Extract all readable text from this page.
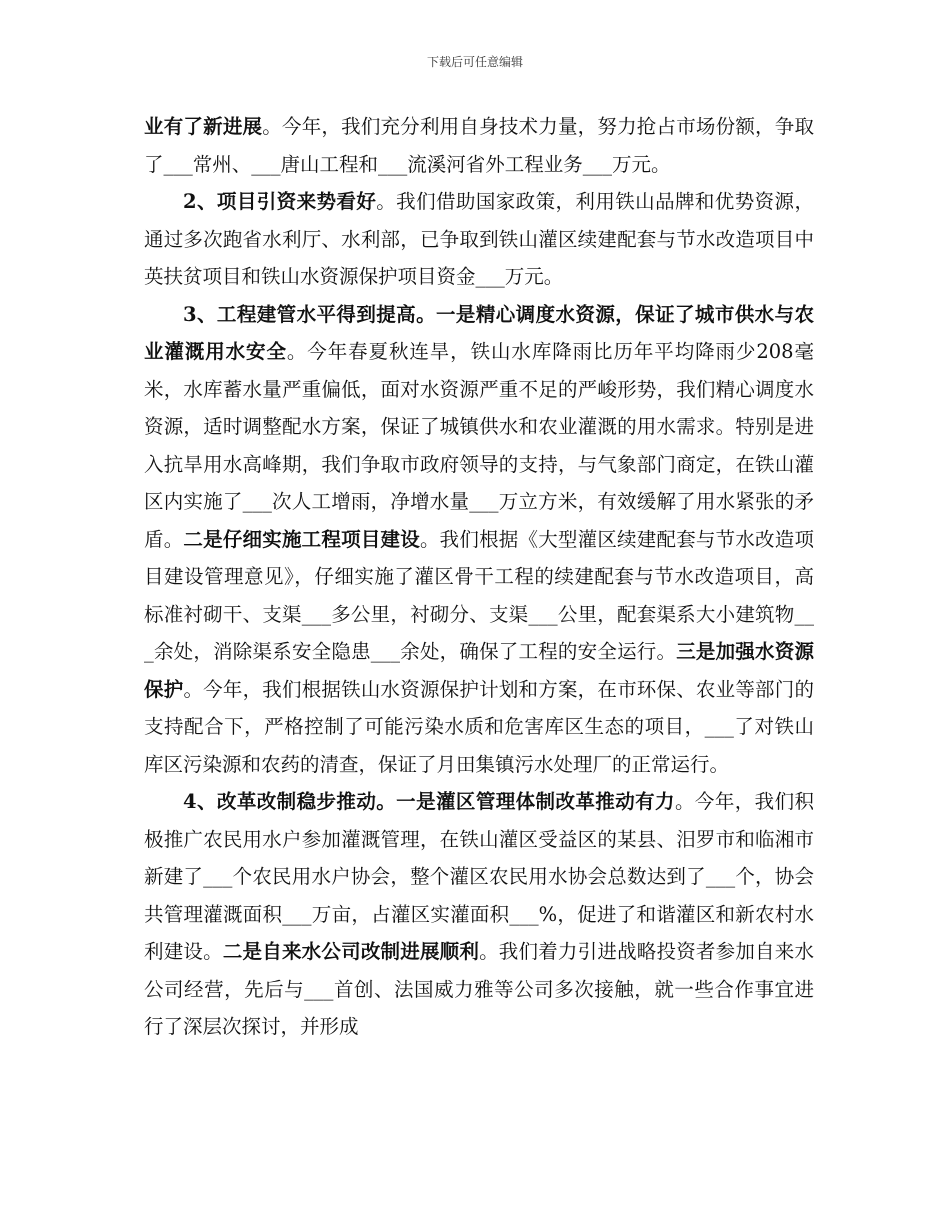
下载后可任意编辑

业有了新进展。今年，我们充分利用自身技术力量，努力抢占市场份额，争取了___常州、___唐山工程和___流溪河省外工程业务___万元。

2、项目引资来势看好。我们借助国家政策，利用铁山品牌和优势资源，通过多次跑省水利厅、水利部，已争取到铁山灌区续建配套与节水改造项目中英扶贫项目和铁山水资源保护项目资金___万元。

3、工程建管水平得到提高。一是精心调度水资源，保证了城市供水与农业灌溉用水安全。今年春夏秋连旱，铁山水库降雨比历年平均降雨少208毫米，水库蓄水量严重偏低，面对水资源严重不足的严峻形势，我们精心调度水资源，适时调整配水方案，保证了城镇供水和农业灌溉的用水需求。特别是进入抗旱用水高峰期，我们争取市政府领导的支持，与气象部门商定，在铁山灌区内实施了___次人工增雨，净增水量___万立方米，有效缓解了用水紧张的矛盾。二是仔细实施工程项目建设。我们根据《大型灌区续建配套与节水改造项目建设管理意见》，仔细实施了灌区骨干工程的续建配套与节水改造项目，高标准衬砌干、支渠___多公里，衬砌分、支渠___公里，配套渠系大小建筑物___余处，消除渠系安全隐患___余处，确保了工程的安全运行。三是加强水资源保护。今年，我们根据铁山水资源保护计划和方案，在市环保、农业等部门的支持配合下，严格控制了可能污染水质和危害库区生态的项目，___了对铁山库区污染源和农药的清查，保证了月田集镇污水处理厂的正常运行。

4、改革改制稳步推动。一是灌区管理体制改革推动有力。今年，我们积极推广农民用水户参加灌溉管理，在铁山灌区受益区的某县、汨罗市和临湘市新建了___个农民用水户协会，整个灌区农民用水协会总数达到了___个，协会共管理灌溉面积___万亩，占灌区实灌面积___%，促进了和谐灌区和新农村水利建设。二是自来水公司改制进展顺利。我们着力引进战略投资者参加自来水公司经营，先后与___首创、法国威力雅等公司多次接触，就一些合作事宜进行了深层次探讨，并形成
